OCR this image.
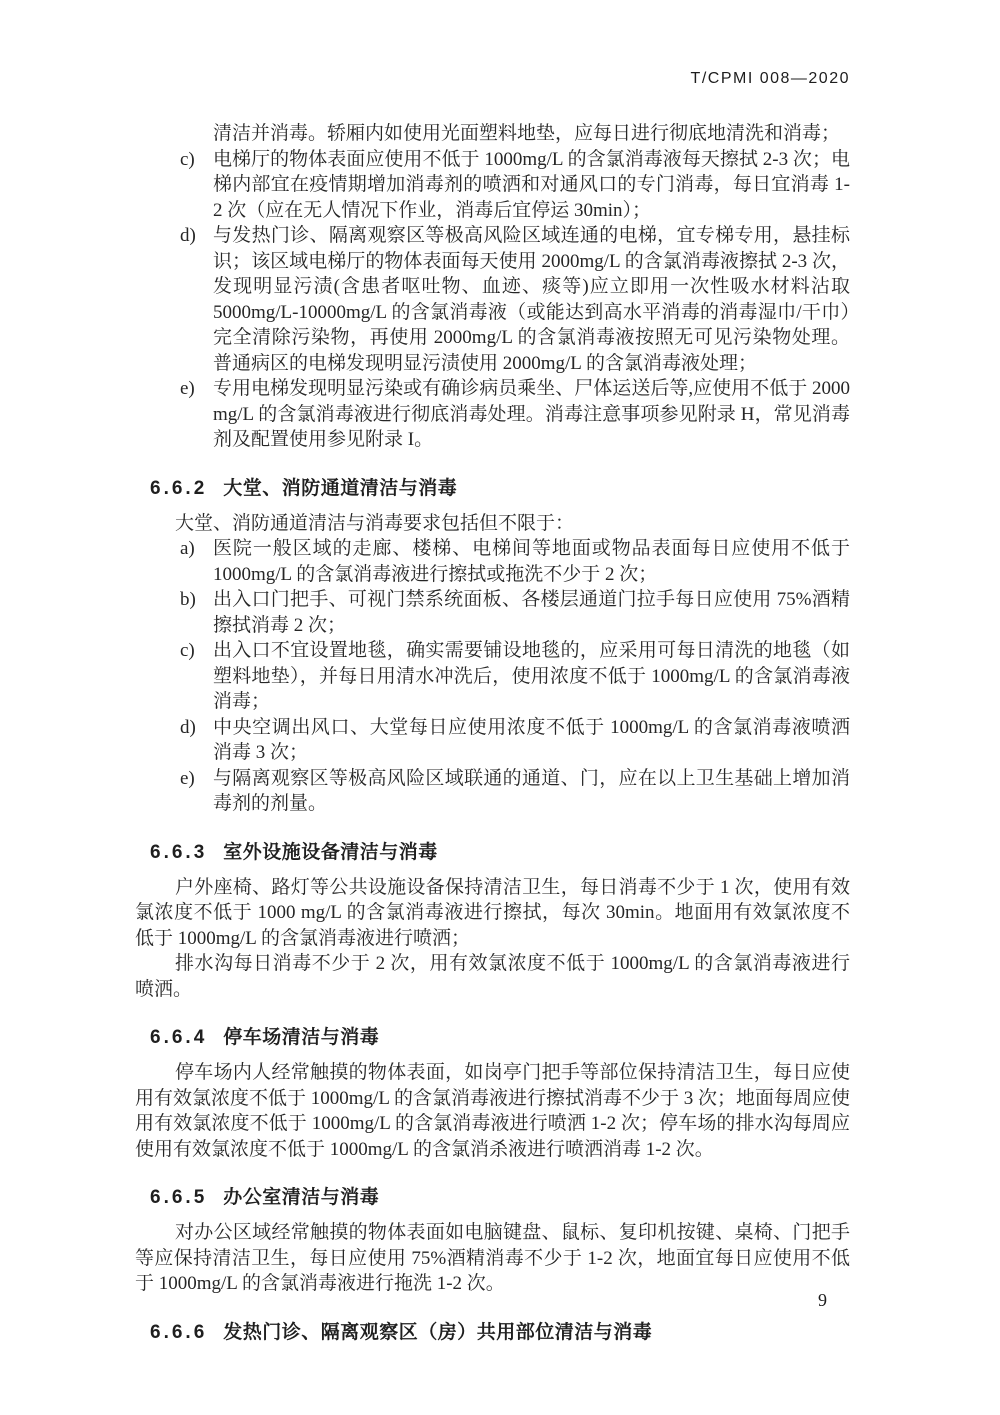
T/CPMI 008—2020
清洁并消毒。轿厢内如使用光面塑料地垫，应每日进行彻底地清洗和消毒；
c) 电梯厅的物体表面应使用不低于 1000mg/L 的含氯消毒液每天擦拭 2-3 次；电梯内部宜在疫情期增加消毒剂的喷洒和对通风口的专门消毒，每日宜消毒 1-2 次（应在无人情况下作业，消毒后宜停运 30min）；
d) 与发热门诊、隔离观察区等极高风险区域连通的电梯，宜专梯专用，悬挂标识；该区域电梯厅的物体表面每天使用 2000mg/L 的含氯消毒液擦拭 2-3 次，发现明显污渍(含患者呕吐物、血迹、痰等)应立即用一次性吸水材料沾取 5000mg/L-10000mg/L 的含氯消毒液（或能达到高水平消毒的消毒湿巾/干巾）完全清除污染物，再使用 2000mg/L 的含氯消毒液按照无可见污染物处理。普通病区的电梯发现明显污渍使用 2000mg/L 的含氯消毒液处理；
e) 专用电梯发现明显污染或有确诊病员乘坐、尸体运送后等,应使用不低于 2000 mg/L 的含氯消毒液进行彻底消毒处理。消毒注意事项参见附录 H，常见消毒剂及配置使用参见附录 I。
6.6.2 大堂、消防通道清洁与消毒
大堂、消防通道清洁与消毒要求包括但不限于：
a) 医院一般区域的走廊、楼梯、电梯间等地面或物品表面每日应使用不低于 1000mg/L 的含氯消毒液进行擦拭或拖洗不少于 2 次；
b) 出入口门把手、可视门禁系统面板、各楼层通道门拉手每日应使用 75%酒精擦拭消毒 2 次；
c) 出入口不宜设置地毯，确实需要铺设地毯的，应采用可每日清洗的地毯（如塑料地垫），并每日用清水冲洗后，使用浓度不低于 1000mg/L 的含氯消毒液消毒；
d) 中央空调出风口、大堂每日应使用浓度不低于 1000mg/L 的含氯消毒液喷洒消毒 3 次；
e) 与隔离观察区等极高风险区域联通的通道、门，应在以上卫生基础上增加消毒剂的剂量。
6.6.3 室外设施设备清洁与消毒
户外座椅、路灯等公共设施设备保持清洁卫生，每日消毒不少于 1 次，使用有效氯浓度不低于 1000 mg/L 的含氯消毒液进行擦拭，每次 30min。地面用有效氯浓度不低于 1000mg/L 的含氯消毒液进行喷洒；
排水沟每日消毒不少于 2 次，用有效氯浓度不低于 1000mg/L 的含氯消毒液进行喷洒。
6.6.4 停车场清洁与消毒
停车场内人经常触摸的物体表面，如岗亭门把手等部位保持清洁卫生，每日应使用有效氯浓度不低于 1000mg/L 的含氯消毒液进行擦拭消毒不少于 3 次；地面每周应使用有效氯浓度不低于 1000mg/L 的含氯消毒液进行喷洒 1-2 次；停车场的排水沟每周应使用有效氯浓度不低于 1000mg/L 的含氯消杀液进行喷洒消毒 1-2 次。
6.6.5 办公室清洁与消毒
对办公区域经常触摸的物体表面如电脑键盘、鼠标、复印机按键、桌椅、门把手等应保持清洁卫生，每日应使用 75%酒精消毒不少于 1-2 次，地面宜每日应使用不低于 1000mg/L 的含氯消毒液进行拖洗 1-2 次。
6.6.6 发热门诊、隔离观察区（房）共用部位清洁与消毒
9
